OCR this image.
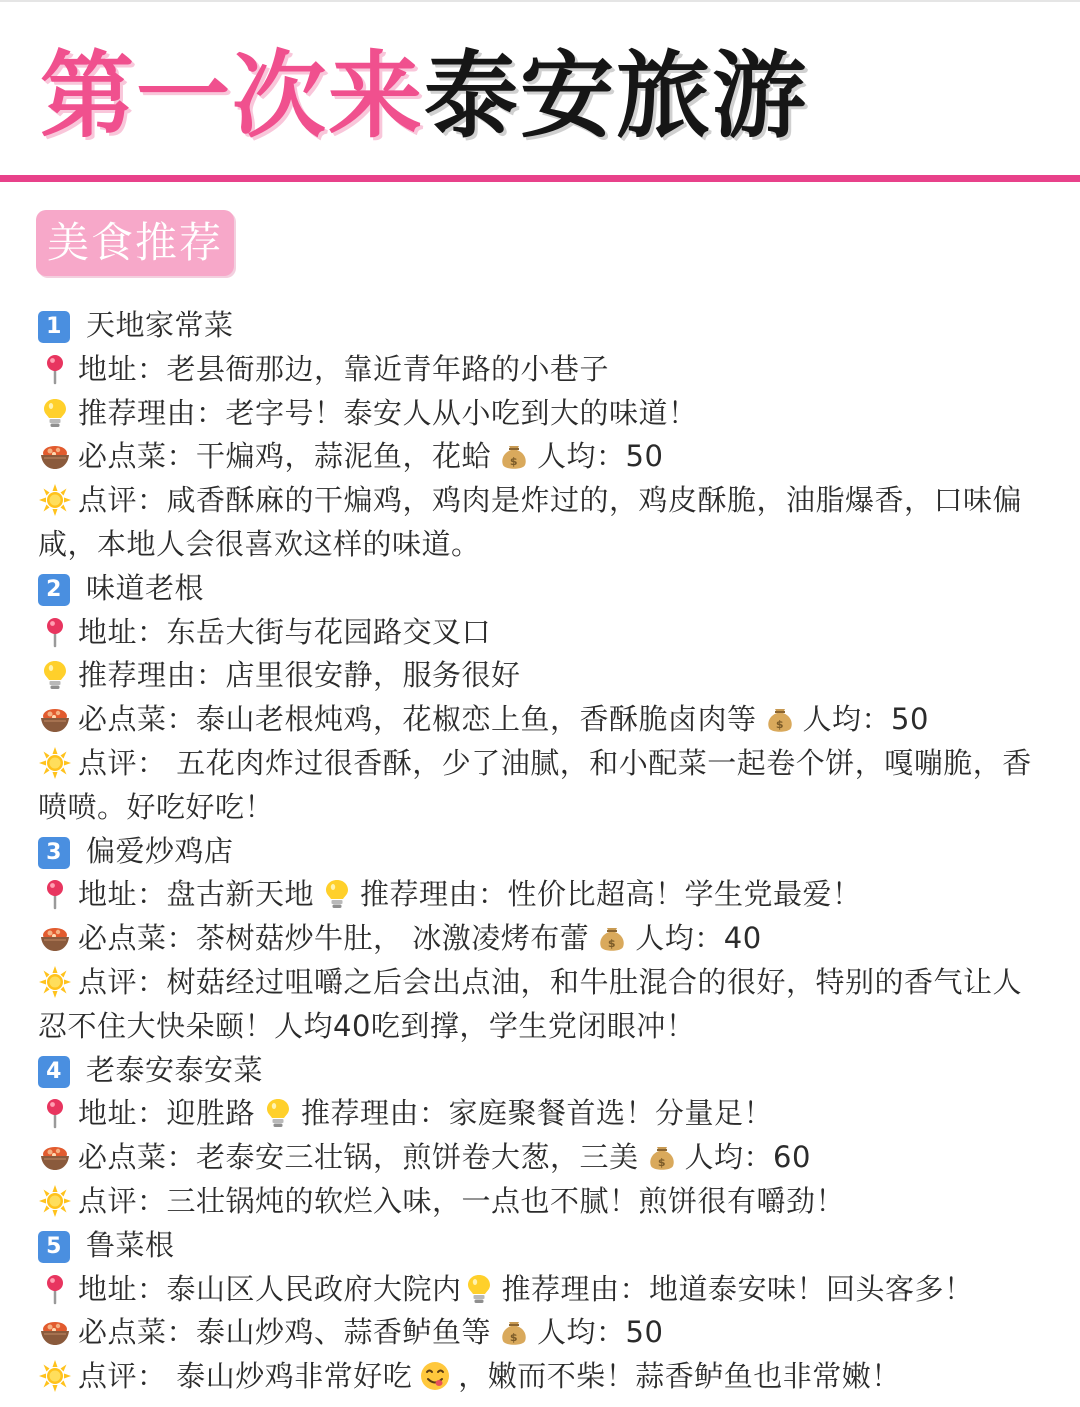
第一次来泰安旅游
美食推荐
1 天地家常菜
地址：老县衙那边，靠近青年路的小巷子
推荐理由：老字号！泰安人从小吃到大的味道！
必点菜：干煸鸡，蒜泥鱼，花蛤 人均：50
点评：咸香酥麻的干煸鸡，鸡肉是炸过的，鸡皮酥脆，油脂爆香，口味偏咸，本地人会很喜欢这样的味道。
2 味道老根
地址：东岳大街与花园路交叉口
推荐理由：店里很安静，服务很好
必点菜：泰山老根炖鸡，花椒恋上鱼，香酥脆卤肉等 人均：50
点评： 五花肉炸过很香酥，少了油腻，和小配菜一起卷个饼，嘎嘣脆，香喷喷。好吃好吃！
3 偏爱炒鸡店
地址：盘古新天地 推荐理由：性价比超高！学生党最爱！
必点菜：茶树菇炒牛肚， 冰激凌烤布蕾 人均：40
点评：树菇经过咀嚼之后会出点油，和牛肚混合的很好，特别的香气让人忍不住大快朵颐！人均40吃到撑，学生党闭眼冲！
4 老泰安泰安菜
地址：迎胜路 推荐理由：家庭聚餐首选！分量足！
必点菜：老泰安三壮锅，煎饼卷大葱，三美 人均：60
点评：三壮锅炖的软烂入味，一点也不腻！煎饼很有嚼劲！
5 鲁菜根
地址：泰山区人民政府大院内 推荐理由：地道泰安味！回头客多！
必点菜：泰山炒鸡、蒜香鲈鱼等 人均：50
点评： 泰山炒鸡非常好吃 ，嫩而不柴！蒜香鲈鱼也非常嫩！
